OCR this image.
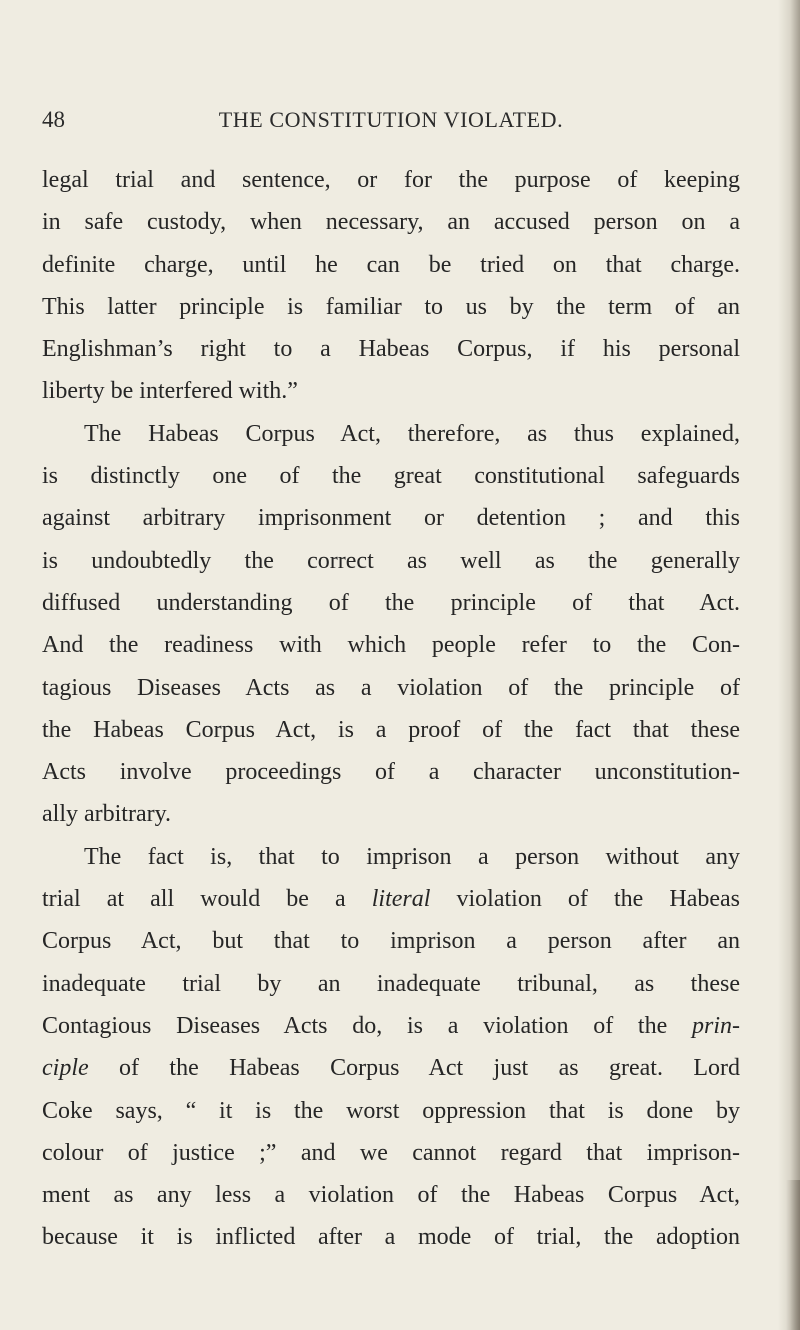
48	THE CONSTITUTION VIOLATED.
legal trial and sentence, or for the purpose of keeping
in safe custody, when necessary, an accused person on a
definite charge, until he can be tried on that charge.
This latter principle is familiar to us by the term of an
Englishman’s right to a Habeas Corpus, if his personal
liberty be interfered with.”
The Habeas Corpus Act, therefore, as thus explained,
is distinctly one of the great constitutional safeguards
against arbitrary imprisonment or detention ; and this
is undoubtedly the correct as well as the generally
diffused understanding of the principle of that Act.
And the readiness with which people refer to the Con-
tagious Diseases Acts as a violation of the principle of
the Habeas Corpus Act, is a proof of the fact that these
Acts involve proceedings of a character unconstitution-
ally arbitrary.
The fact is, that to imprison a person without any
trial at all would be a literal violation of the Habeas
Corpus Act, but that to imprison a person after an
inadequate trial by an inadequate tribunal, as these
Contagious Diseases Acts do, is a violation of the prin-
ciple of the Habeas Corpus Act just as great. Lord
Coke says, “ it is the worst oppression that is done by
colour of justice ;” and we cannot regard that imprison-
ment as any less a violation of the Habeas Corpus Act,
because it is inflicted after a mode of trial, the adoption
